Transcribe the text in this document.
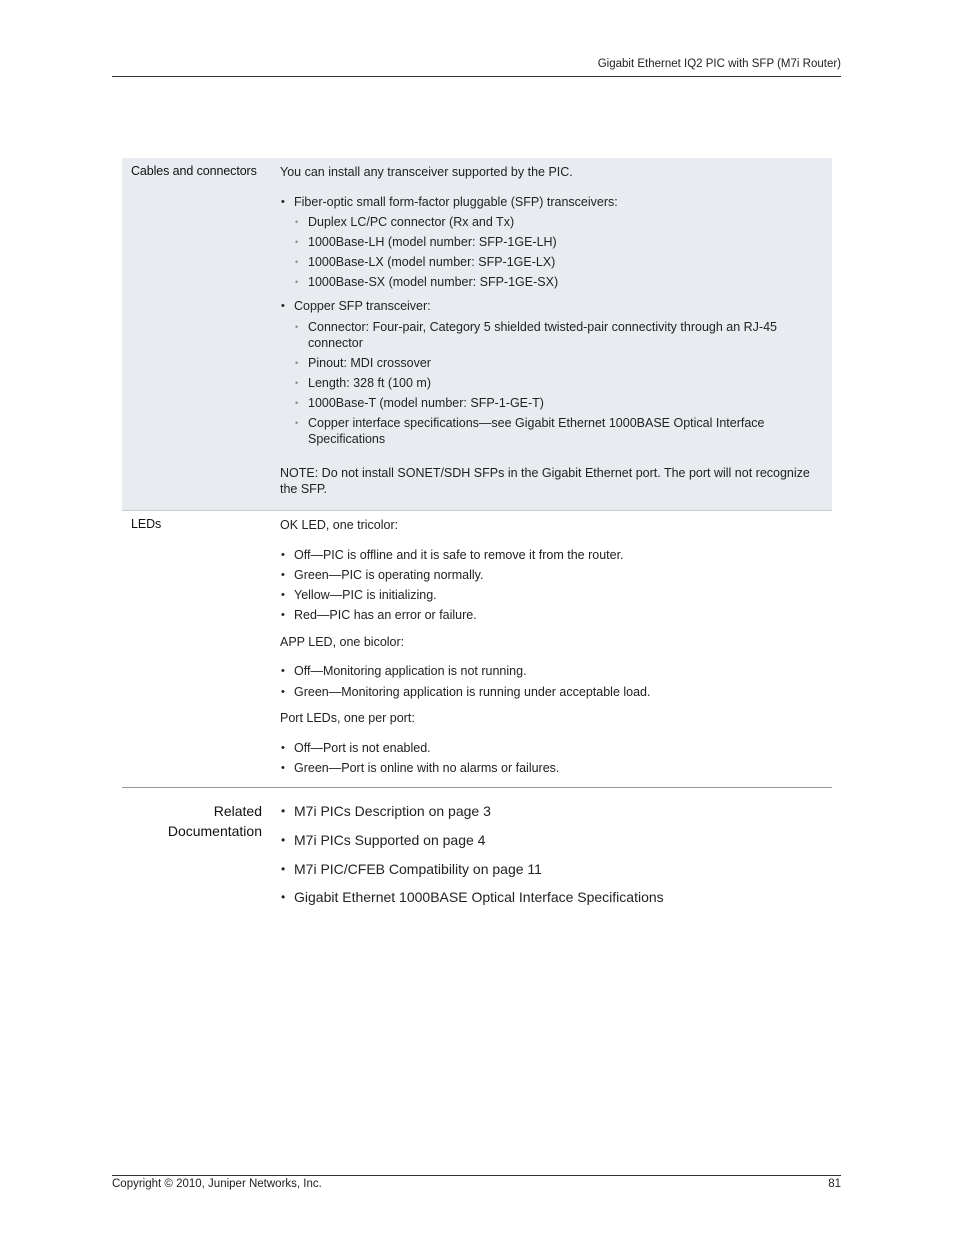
Gigabit Ethernet IQ2 PIC with SFP (M7i Router)
Cables and connectors You can install any transceiver supported by the PIC.

• Fiber-optic small form-factor pluggable (SFP) transceivers:
• Duplex LC/PC connector (Rx and Tx)
• 1000Base-LH (model number: SFP-1GE-LH)
• 1000Base-LX (model number: SFP-1GE-LX)
• 1000Base-SX (model number: SFP-1GE-SX)
• Copper SFP transceiver:
• Connector: Four-pair, Category 5 shielded twisted-pair connectivity through an RJ-45 connector
• Pinout: MDI crossover
• Length: 328 ft (100 m)
• 1000Base-T (model number: SFP-1-GE-T)
• Copper interface specifications—see Gigabit Ethernet 1000BASE Optical Interface Specifications

NOTE: Do not install SONET/SDH SFPs in the Gigabit Ethernet port. The port will not recognize the SFP.

LEDs	OK LED, one tricolor:

• Off—PIC is offline and it is safe to remove it from the router.
• Green—PIC is operating normally.
• Yellow—PIC is initializing.
• Red—PIC has an error or failure.

APP LED, one bicolor:

• Off—Monitoring application is not running.
• Green—Monitoring application is running under acceptable load.

Port LEDs, one per port:

• Off—Port is not enabled.
• Green—Port is online with no alarms or failures.
Related
Documentation
• M7i PICs Description on page 3
• M7i PICs Supported on page 4
• M7i PIC/CFEB Compatibility on page 11
• Gigabit Ethernet 1000BASE Optical Interface Specifications
Copyright © 2010, Juniper Networks, Inc.	81
